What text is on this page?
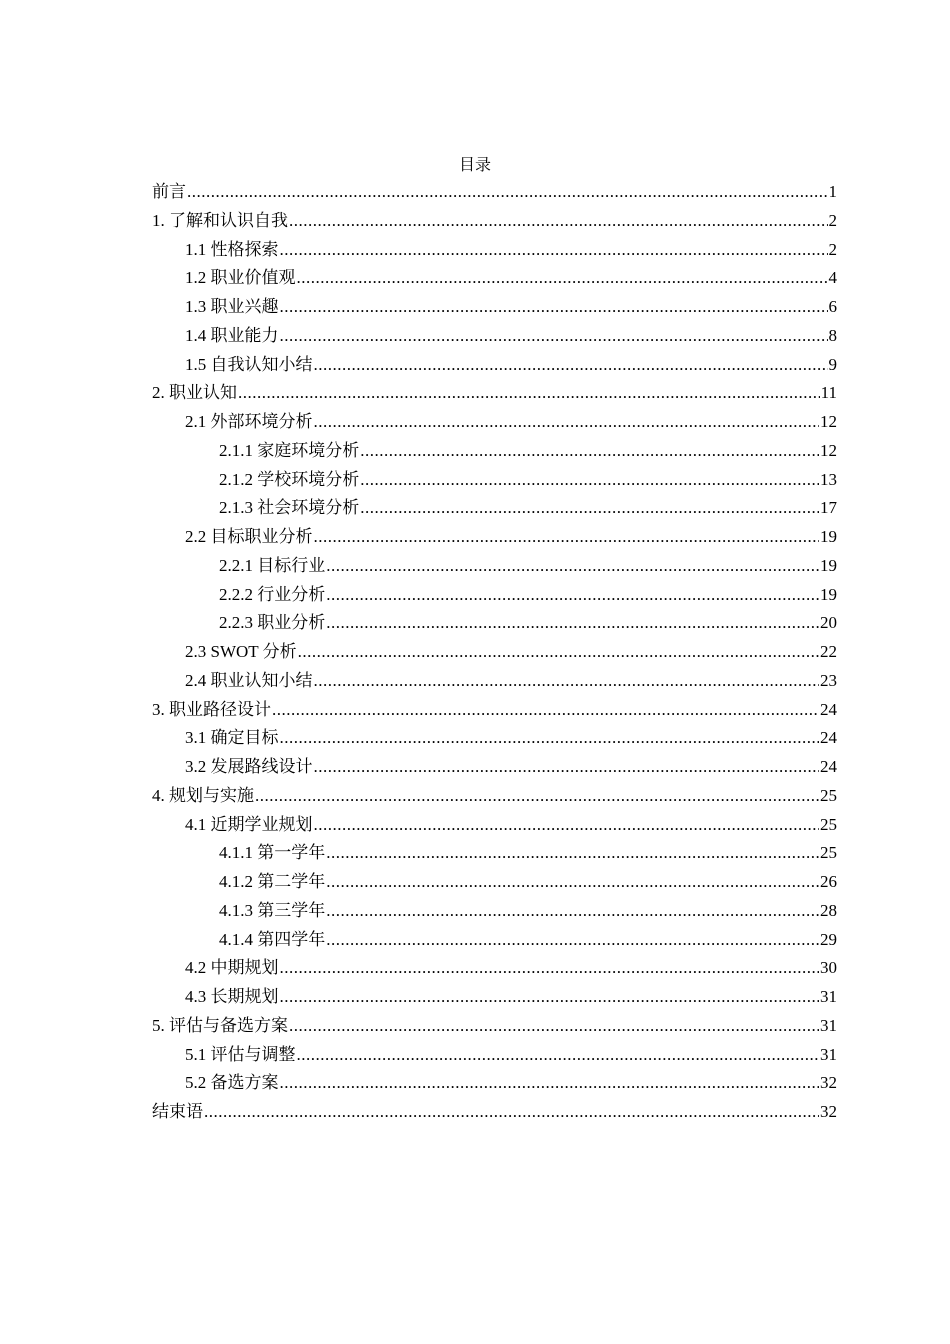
目录
前言 .....	1
1. 了解和认识自我 .....	2
1.1 性格探索 .....	2
1.2 职业价值观 .....	4
1.3 职业兴趣 .....	6
1.4 职业能力 .....	8
1.5 自我认知小结 .....	9
2. 职业认知 .....	11
2.1 外部环境分析 .....	12
2.1.1 家庭环境分析 .....	12
2.1.2 学校环境分析 .....	13
2.1.3 社会环境分析 .....	17
2.2 目标职业分析 .....	19
2.2.1 目标行业 .....	19
2.2.2 行业分析 .....	19
2.2.3 职业分析 .....	20
2.3 SWOT 分析 .....	22
2.4 职业认知小结 .....	23
3. 职业路径设计 .....	24
3.1 确定目标 .....	24
3.2 发展路线设计 .....	24
4. 规划与实施 .....	25
4.1 近期学业规划 .....	25
4.1.1 第一学年 .....	25
4.1.2 第二学年 .....	26
4.1.3 第三学年 .....	28
4.1.4 第四学年 .....	29
4.2 中期规划 .....	30
4.3 长期规划 .....	31
5. 评估与备选方案 .....	31
5.1 评估与调整 .....	31
5.2 备选方案 .....	32
结束语 .....	32
